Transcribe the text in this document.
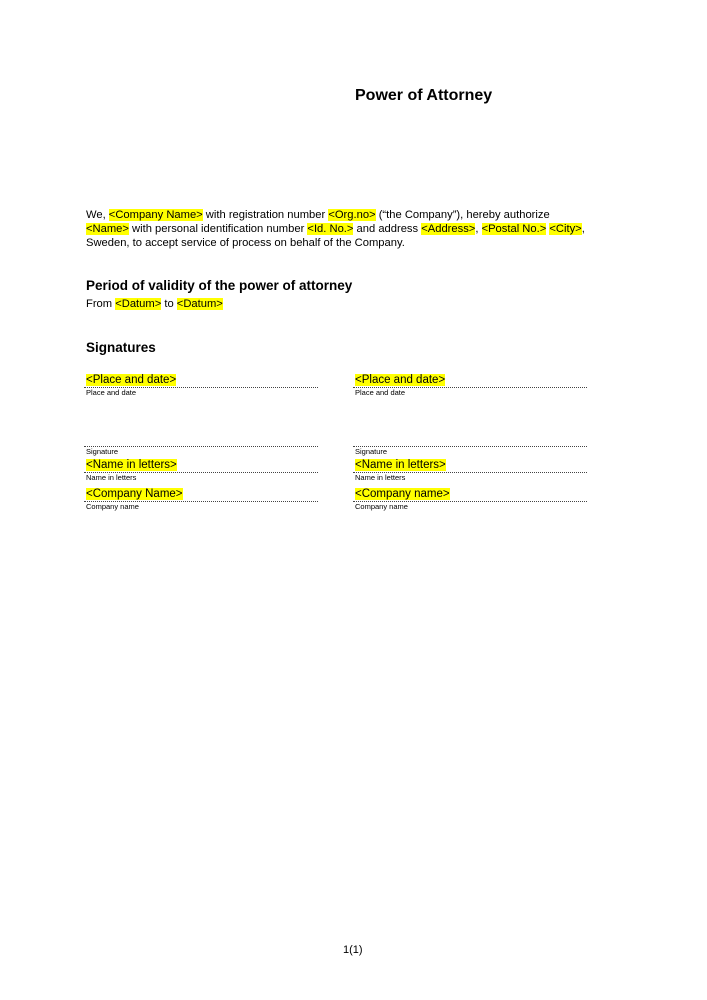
Power of Attorney

We, <Company Name> with registration number <Org.no> (“the Company”), hereby authorize
<Name> with personal identification number <Id. No.> and address <Address>, <Postal No.> <City>,
Sweden, to accept service of process on behalf of the Company.

Period of validity of the power of attorney
From <Datum> to <Datum>
Signatures
<Place and date>
Place and date
Signature
<Name in letters>
Name in letters
<Company Name>
Company name
<Place and date>
Place and date
Signature
<Name in letters>
Name in letters
<Company name>
Company name
1(1)
